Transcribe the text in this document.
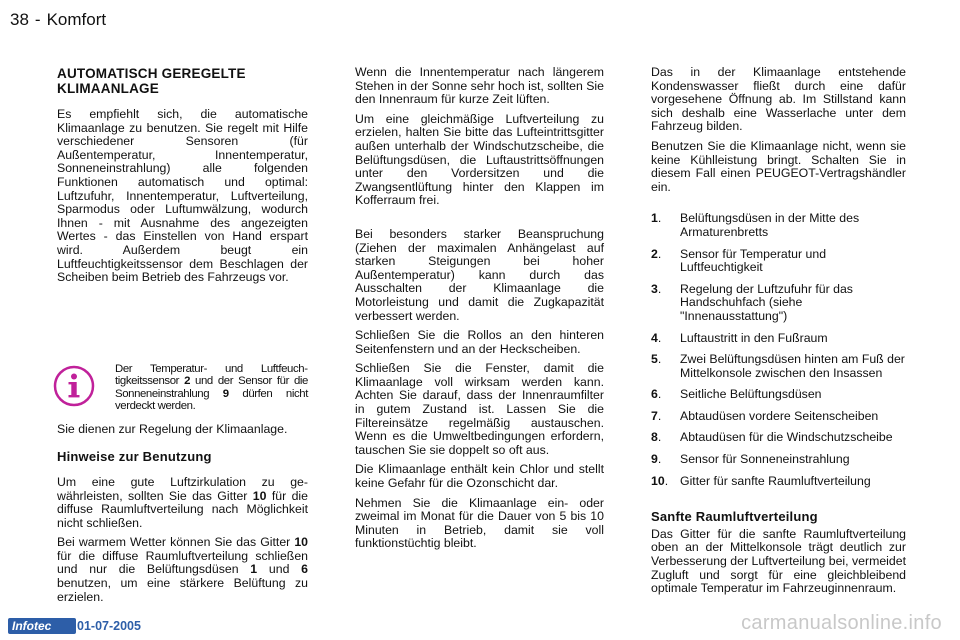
38 - Komfort
AUTOMATISCH GEREGELTE KLIMAANLAGE

Es empfiehlt sich, die automatische Klimaanlage zu benutzen. Sie regelt mit Hilfe verschiedener Sensoren (für Außentemperatur, Innentemperatur, Sonneneinstrahlung) alle folgenden Funktionen automatisch und optimal: Luftzufuhr, Innentemperatur, Luftverteilung, Sparmodus oder Luftumwälzung, wodurch Ihnen - mit Ausnahme des angezeigten Wertes - das Einstellen von Hand erspart wird. Außerdem beugt ein Luftfeuchtigkeitssensor dem Beschlagen der Scheiben beim Betrieb des Fahrzeugs vor.

Der Temperatur- und Luftfeuchtigkeitssensor 2 und der Sensor für die Sonneneinstrahlung 9 dürfen nicht verdeckt werden.

Sie dienen zur Regelung der Klimaanlage.

Hinweise zur Benutzung

Um eine gute Luftzirkulation zu gewährleisten, sollten Sie das Gitter 10 für die diffuse Raumluftverteilung nach Möglichkeit nicht schließen.

Bei warmem Wetter können Sie das Gitter 10 für die diffuse Raumluftverteilung schließen und nur die Belüftungsdüsen 1 und 6 benutzen, um eine stärkere Belüftung zu erzielen.

Wenn die Innentemperatur nach längerem Stehen in der Sonne sehr hoch ist, sollten Sie den Innenraum für kurze Zeit lüften.

Um eine gleichmäßige Luftverteilung zu erzielen, halten Sie bitte das Lufteintrittsgitter außen unterhalb der Windschutzscheibe, die Belüftungsdüsen, die Luftaustrittsöffnungen unter den Vordersitzen und die Zwangsentlüftung hinter den Klappen im Kofferraum frei.

Bei besonders starker Beanspruchung (Ziehen der maximalen Anhängelast auf starken Steigungen bei hoher Außentemperatur) kann durch das Ausschalten der Klimaanlage die Motorleistung und damit die Zugkapazität verbessert werden.

Schließen Sie die Rollos an den hinteren Seitenfenstern und an der Heckscheiben.

Schließen Sie die Fenster, damit die Klimaanlage voll wirksam werden kann. Achten Sie darauf, dass der Innenraumfilter in gutem Zustand ist. Lassen Sie die Filtereinsätze regelmäßig austauschen. Wenn es die Umweltbedingungen erfordern, tauschen Sie sie doppelt so oft aus.

Die Klimaanlage enthält kein Chlor und stellt keine Gefahr für die Ozonschicht dar.

Nehmen Sie die Klimaanlage ein- oder zweimal im Monat für die Dauer von 5 bis 10 Minuten in Betrieb, damit sie voll funktionstüchtig bleibt.

Das in der Klimaanlage entstehende Kondenswasser fließt durch eine dafür vorgesehene Öffnung ab. Im Stillstand kann sich deshalb eine Wasserlache unter dem Fahrzeug bilden.

Benutzen Sie die Klimaanlage nicht, wenn sie keine Kühlleistung bringt. Schalten Sie in diesem Fall einen PEUGEOT-Vertragshändler ein.

1.	Belüftungsdüsen in der Mitte des Armaturenbretts
2.	Sensor für Temperatur und Luftfeuchtigkeit
3.	Regelung der Luftzufuhr für das Handschuhfach (siehe "Innenausstattung")
4.	Luftaustritt in den Fußraum
5.	Zwei Belüftungsdüsen hinten am Fuß der Mittelkonsole zwischen den Insassen
6.	Seitliche Belüftungsdüsen
7.	Abtaudüsen vordere Seitenscheiben
8.	Abtaudüsen für die Windschutzscheibe
9.	Sensor für Sonneneinstrahlung
10. Gitter für sanfte Raumluftverteilung
Sanfte Raumluftverteilung

Das Gitter für die sanfte Raumluftverteilung oben an der Mittelkonsole trägt deutlich zur Verbesserung der Luftverteilung bei, vermeidet Zugluft und sorgt für eine gleichbleibend optimale Temperatur im Fahrzeuginnenraum.

Infotec	01-07-2005	carmanualsonline.info
